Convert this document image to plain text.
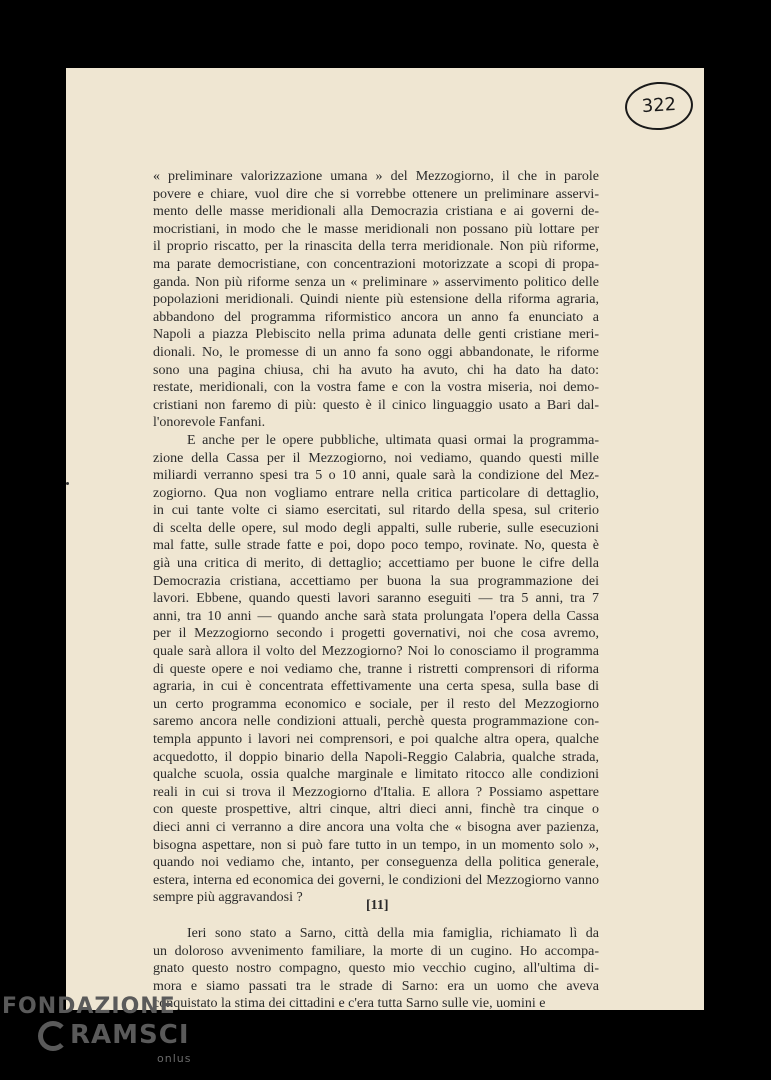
322
« preliminare valorizzazione umana » del Mezzogiorno, il che in parole
povere e chiare, vuol dire che si vorrebbe ottenere un preliminare asservi-
mento delle masse meridionali alla Democrazia cristiana e ai governi de-
mocristiani, in modo che le masse meridionali non possano più lottare per
il proprio riscatto, per la rinascita della terra meridionale. Non più riforme,
ma parate democristiane, con concentrazioni motorizzate a scopi di propa-
ganda. Non più riforme senza un « preliminare » asservimento politico delle
popolazioni meridionali. Quindi niente più estensione della riforma agraria,
abbandono del programma riformistico ancora un anno fa enunciato a
Napoli a piazza Plebiscito nella prima adunata delle genti cristiane meri-
dionali. No, le promesse di un anno fa sono oggi abbandonate, le riforme
sono una pagina chiusa, chi ha avuto ha avuto, chi ha dato ha dato:
restate, meridionali, con la vostra fame e con la vostra miseria, noi demo-
cristiani non faremo di più: questo è il cinico linguaggio usato a Bari dal-
l'onorevole Fanfani.
E anche per le opere pubbliche, ultimata quasi ormai la programma-
zione della Cassa per il Mezzogiorno, noi vediamo, quando questi mille
miliardi verranno spesi tra 5 o 10 anni, quale sarà la condizione del Mez-
zogiorno. Qua non vogliamo entrare nella critica particolare di dettaglio,
in cui tante volte ci siamo esercitati, sul ritardo della spesa, sul criterio
di scelta delle opere, sul modo degli appalti, sulle ruberie, sulle esecuzioni
mal fatte, sulle strade fatte e poi, dopo poco tempo, rovinate. No, questa è
già una critica di merito, di dettaglio; accettiamo per buone le cifre della
Democrazia cristiana, accettiamo per buona la sua programmazione dei
lavori. Ebbene, quando questi lavori saranno eseguiti — tra 5 anni, tra 7
anni, tra 10 anni — quando anche sarà stata prolungata l'opera della Cassa
per il Mezzogiorno secondo i progetti governativi, noi che cosa avremo,
quale sarà allora il volto del Mezzogiorno? Noi lo conosciamo il programma
di queste opere e noi vediamo che, tranne i ristretti comprensori di riforma
agraria, in cui è concentrata effettivamente una certa spesa, sulla base di
un certo programma economico e sociale, per il resto del Mezzogiorno
saremo ancora nelle condizioni attuali, perchè questa programmazione con-
templa appunto i lavori nei comprensori, e poi qualche altra opera, qualche
acquedotto, il doppio binario della Napoli-Reggio Calabria, qualche strada,
qualche scuola, ossia qualche marginale e limitato ritocco alle condizioni
reali in cui si trova il Mezzogiorno d'Italia. E allora ? Possiamo aspettare
con queste prospettive, altri cinque, altri dieci anni, finchè tra cinque o
dieci anni ci verranno a dire ancora una volta che « bisogna aver pazienza,
bisogna aspettare, non si può fare tutto in un tempo, in un momento solo »,
quando noi vediamo che, intanto, per conseguenza della politica generale,
estera, interna ed economica dei governi, le condizioni del Mezzogiorno vanno
sempre più aggravandosi ?
Ieri sono stato a Sarno, città della mia famiglia, richiamato lì da
un doloroso avvenimento familiare, la morte di un cugino. Ho accompa-
gnato questo nostro compagno, questo mio vecchio cugino, all'ultima di-
mora e siamo passati tra le strade di Sarno: era un uomo che aveva
conquistato la stima dei cittadini e c'era tutta Sarno sulle vie, uomini e
[11]
FONDAZIONE
RAMSCI
onlus
